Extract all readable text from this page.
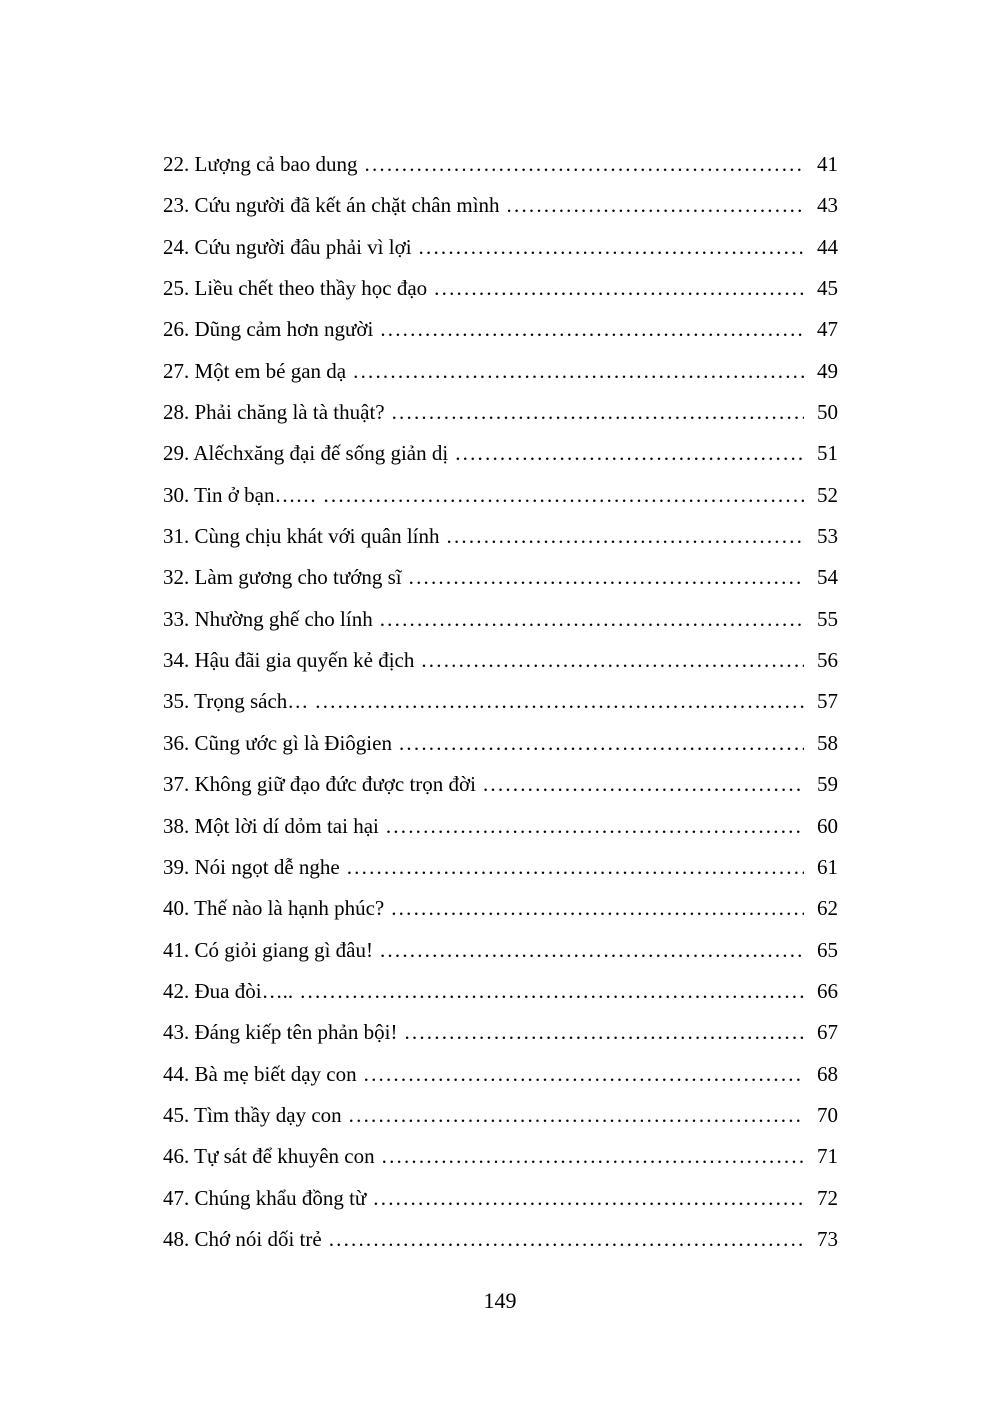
22. Lượng cả bao dung .....	41
23. Cứu người đã kết án chặt chân mình .....	43
24. Cứu người đâu phải vì lợi .....	44
25. Liều chết theo thầy học đạo .....	45
26. Dũng cảm hơn người .....	47
27. Một em bé gan dạ .....	49
28. Phải chăng là tà thuật? .....	50
29. Alếchxăng đại đế sống giản dị .....	51
30. Tin ở bạn…… .....	52
31. Cùng chịu khát với quân lính .....	53
32. Làm gương cho tướng sĩ .....	54
33. Nhường ghế cho lính .....	55
34. Hậu đãi gia quyến kẻ địch .....	56
35. Trọng sách… .....	57
36. Cũng ước gì là Điôgien .....	58
37. Không giữ đạo đức được trọn đời .....	59
38. Một lời dí dỏm tai hại .....	60
39. Nói ngọt dễ nghe .....	61
40. Thế nào là hạnh phúc? .....	62
41. Có giỏi giang gì đâu! .....	65
42. Đua đòi….. .....	66
43. Đáng kiếp tên phản bội! .....	67
44. Bà mẹ biết dạy con .....	68
45. Tìm thầy dạy con .....	70
46. Tự sát để khuyên con .....	71
47. Chúng khẩu đồng từ .....	72
48. Chớ nói dối trẻ .....	73
149
